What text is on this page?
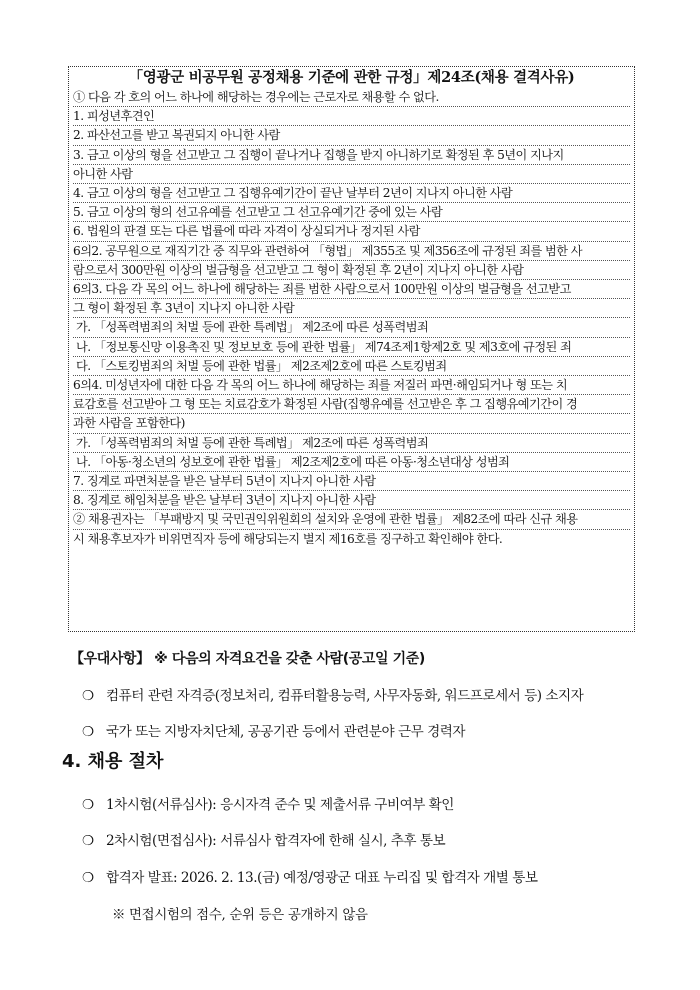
「영광군 비공무원 공정채용 기준에 관한 규정」제24조(채용 결격사유)
① 다음 각 호의 어느 하나에 해당하는 경우에는 근로자로 채용할 수 없다.
1. 피성년후견인
2. 파산선고를 받고 복권되지 아니한 사람
3. 금고 이상의 형을 선고받고 그 집행이 끝나거나 집행을 받지 아니하기로 확정된 후 5년이 지나지
아니한 사람
4. 금고 이상의 형을 선고받고 그 집행유예기간이 끝난 날부터 2년이 지나지 아니한 사람
5. 금고 이상의 형의 선고유예를 선고받고 그 선고유예기간 중에 있는 사람
6. 법원의 판결 또는 다른 법률에 따라 자격이 상실되거나 정지된 사람
6의2. 공무원으로 재직기간 중 직무와 관련하여 「형법」 제355조 및 제356조에 규정된 죄를 범한 사
람으로서 300만원 이상의 벌금형을 선고받고 그 형이 확정된 후 2년이 지나지 아니한 사람
6의3. 다음 각 목의 어느 하나에 해당하는 죄를 범한 사람으로서 100만원 이상의 벌금형을 선고받고
그 형이 확정된 후 3년이 지나지 아니한 사람
가. 「성폭력범죄의 처벌 등에 관한 특례법」 제2조에 따른 성폭력범죄
나. 「정보통신망 이용촉진 및 정보보호 등에 관한 법률」 제74조제1항제2호 및 제3호에 규정된 죄
다. 「스토킹범죄의 처벌 등에 관한 법률」 제2조제2호에 따른 스토킹범죄
6의4. 미성년자에 대한 다음 각 목의 어느 하나에 해당하는 죄를 저질러 파면·해임되거나 형 또는 치
료감호를 선고받아 그 형 또는 치료감호가 확정된 사람(집행유예를 선고받은 후 그 집행유예기간이 경
과한 사람을 포함한다)
가. 「성폭력범죄의 처벌 등에 관한 특례법」 제2조에 따른 성폭력범죄
나. 「아동·청소년의 성보호에 관한 법률」 제2조제2호에 따른 아동·청소년대상 성범죄
7. 징계로 파면처분을 받은 날부터 5년이 지나지 아니한 사람
8. 징계로 해임처분을 받은 날부터 3년이 지나지 아니한 사람
② 채용권자는 「부패방지 및 국민권익위원회의 설치와 운영에 관한 법률」 제82조에 따라 신규 채용
시 채용후보자가 비위면직자 등에 해당되는지 별지 제16호를 징구하고 확인해야 한다.
【우대사항】 ※ 다음의 자격요건을 갖춘 사람(공고일 기준)
❍ 컴퓨터 관련 자격증(정보처리, 컴퓨터활용능력, 사무자동화, 워드프로세서 등) 소지자
❍ 국가 또는 지방자치단체, 공공기관 등에서 관련분야 근무 경력자
4. 채용 절차
❍ 1차시험(서류심사): 응시자격 준수 및 제출서류 구비여부 확인
❍ 2차시험(면접심사): 서류심사 합격자에 한해 실시, 추후 통보
❍ 합격자 발표: 2026. 2. 13.(금) 예정/영광군 대표 누리집 및 합격자 개별 통보
※ 면접시험의 점수, 순위 등은 공개하지 않음
